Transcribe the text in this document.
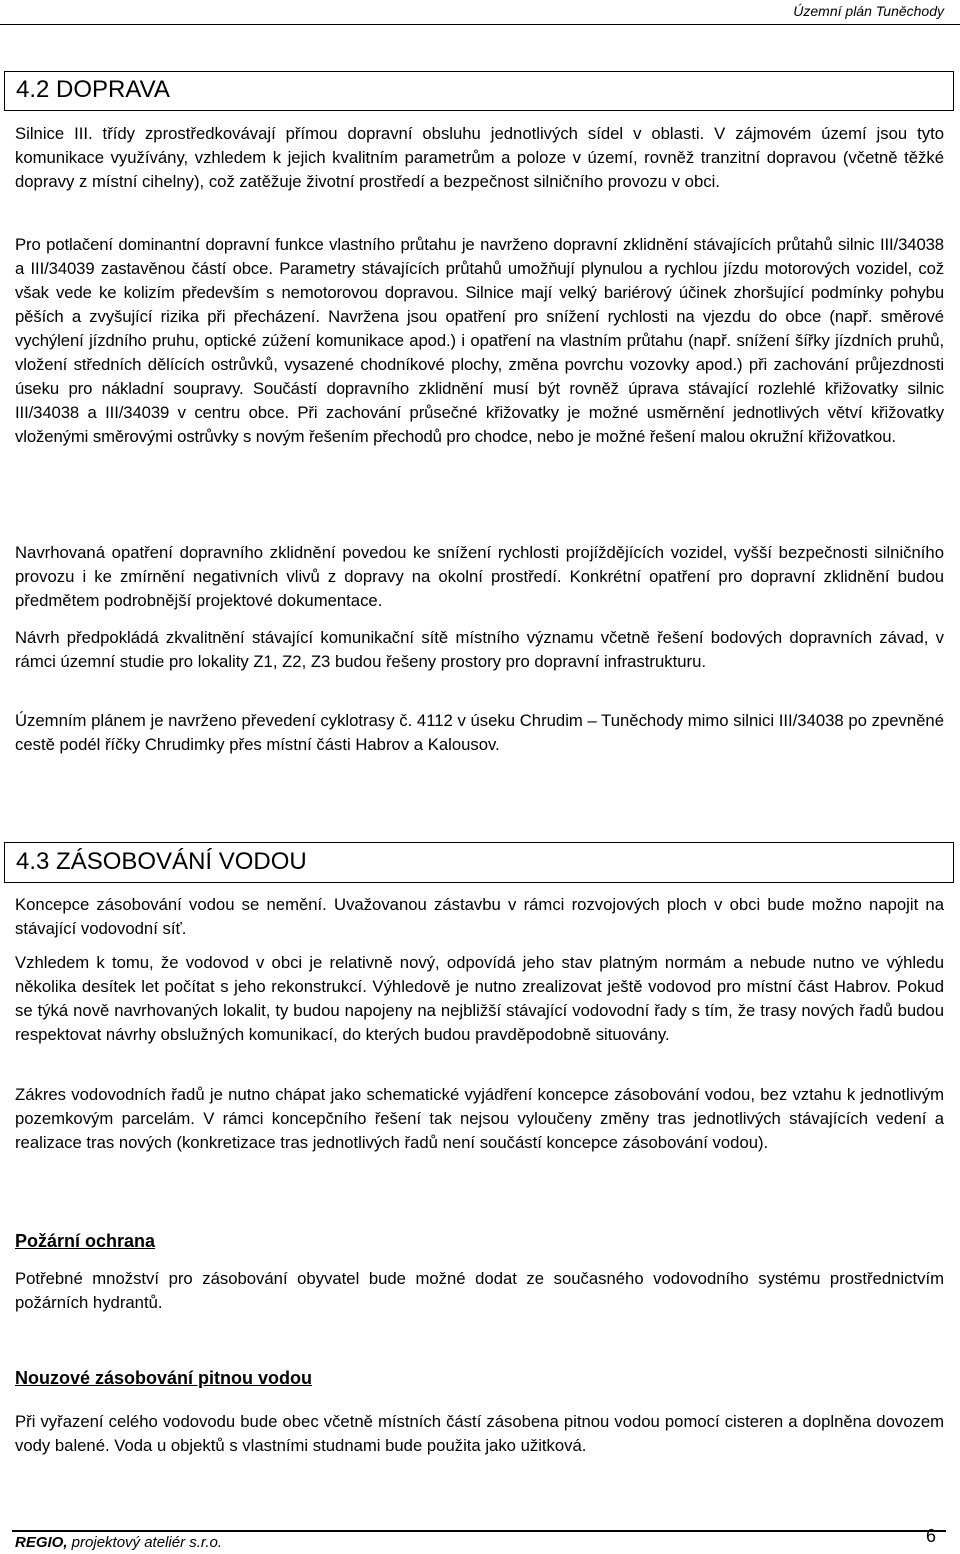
Územní plán Tuněchody
4.2 DOPRAVA

Silnice III. třídy zprostředkovávají přímou dopravní obsluhu jednotlivých sídel v oblasti. V zájmovém území jsou tyto komunikace využívány, vzhledem k jejich kvalitním parametrům a poloze v území, rovněž tranzitní dopravou (včetně těžké dopravy z místní cihelny), což zatěžuje životní prostředí a bezpečnost silničního provozu v obci.

Pro potlačení dominantní dopravní funkce vlastního průtahu je navrženo dopravní zklidnění stávajících průtahů silnic III/34038 a III/34039 zastavěnou částí obce. Parametry stávajících průtahů umožňují plynulou a rychlou jízdu motorových vozidel, což však vede ke kolizím především s nemotorovou dopravou. Silnice mají velký bariérový účinek zhoršující podmínky pohybu pěších a zvyšující rizika při přecházení. Navržena jsou opatření pro snížení rychlosti na vjezdu do obce (např. směrové vychýlení jízdního pruhu, optické zúžení komunikace apod.) i opatření na vlastním průtahu (např. snížení šířky jízdních pruhů, vložení středních dělících ostrůvků, vysazené chodníkové plochy, změna povrchu vozovky apod.) při zachování průjezdnosti úseku pro nákladní soupravy. Součástí dopravního zklidnění musí být rovněž úprava stávající rozlehlé křižovatky silnic III/34038 a III/34039 v centru obce. Při zachování průsečné křižovatky je možné usměrnění jednotlivých větví křižovatky vloženými směrovými ostrůvky s novým řešením přechodů pro chodce, nebo je možné řešení malou okružní křižovatkou.

Navrhovaná opatření dopravního zklidnění povedou ke snížení rychlosti projíždějících vozidel, vyšší bezpečnosti silničního provozu i ke zmírnění negativních vlivů z dopravy na okolní prostředí. Konkrétní opatření pro dopravní zklidnění budou předmětem podrobnější projektové dokumentace.

Návrh předpokládá zkvalitnění stávající komunikační sítě místního významu včetně řešení bodových dopravních závad, v rámci územní studie pro lokality Z1, Z2, Z3 budou řešeny prostory pro dopravní infrastrukturu.

Územním plánem je navrženo převedení cyklotrasy č. 4112 v úseku Chrudim – Tuněchody mimo silnici III/34038 po zpevněné cestě podél říčky Chrudimky přes místní části Habrov a Kalousov.

4.3 ZÁSOBOVÁNÍ VODOU

Koncepce zásobování vodou se nemění. Uvažovanou zástavbu v rámci rozvojových ploch v obci bude možno napojit na stávající vodovodní síť.

Vzhledem k tomu, že vodovod v obci je relativně nový, odpovídá jeho stav platným normám a nebude nutno ve výhledu několika desítek let počítat s jeho rekonstrukcí. Výhledově je nutno zrealizovat ještě vodovod pro místní část Habrov. Pokud se týká nově navrhovaných lokalit, ty budou napojeny na nejbližší stávající vodovodní řady s tím, že trasy nových řadů budou respektovat návrhy obslužných komunikací, do kterých budou pravděpodobně situovány.

Zákres vodovodních řadů je nutno chápat jako schematické vyjádření koncepce zásobování vodou, bez vztahu k jednotlivým pozemkovým parcelám. V rámci koncepčního řešení tak nejsou vyloučeny změny tras jednotlivých stávajících vedení a realizace tras nových (konkretizace tras jednotlivých řadů není součástí koncepce zásobování vodou).

Požární ochrana

Potřebné množství pro zásobování obyvatel bude možné dodat ze současného vodovodního systému prostřednictvím požárních hydrantů.

Nouzové zásobování pitnou vodou

Při vyřazení celého vodovodu bude obec včetně místních částí zásobena pitnou vodou pomocí cisteren a doplněna dovozem vody balené. Voda u objektů s vlastními studnami bude použita jako užitková.

REGIO, projektový ateliér s.r.o.	6
